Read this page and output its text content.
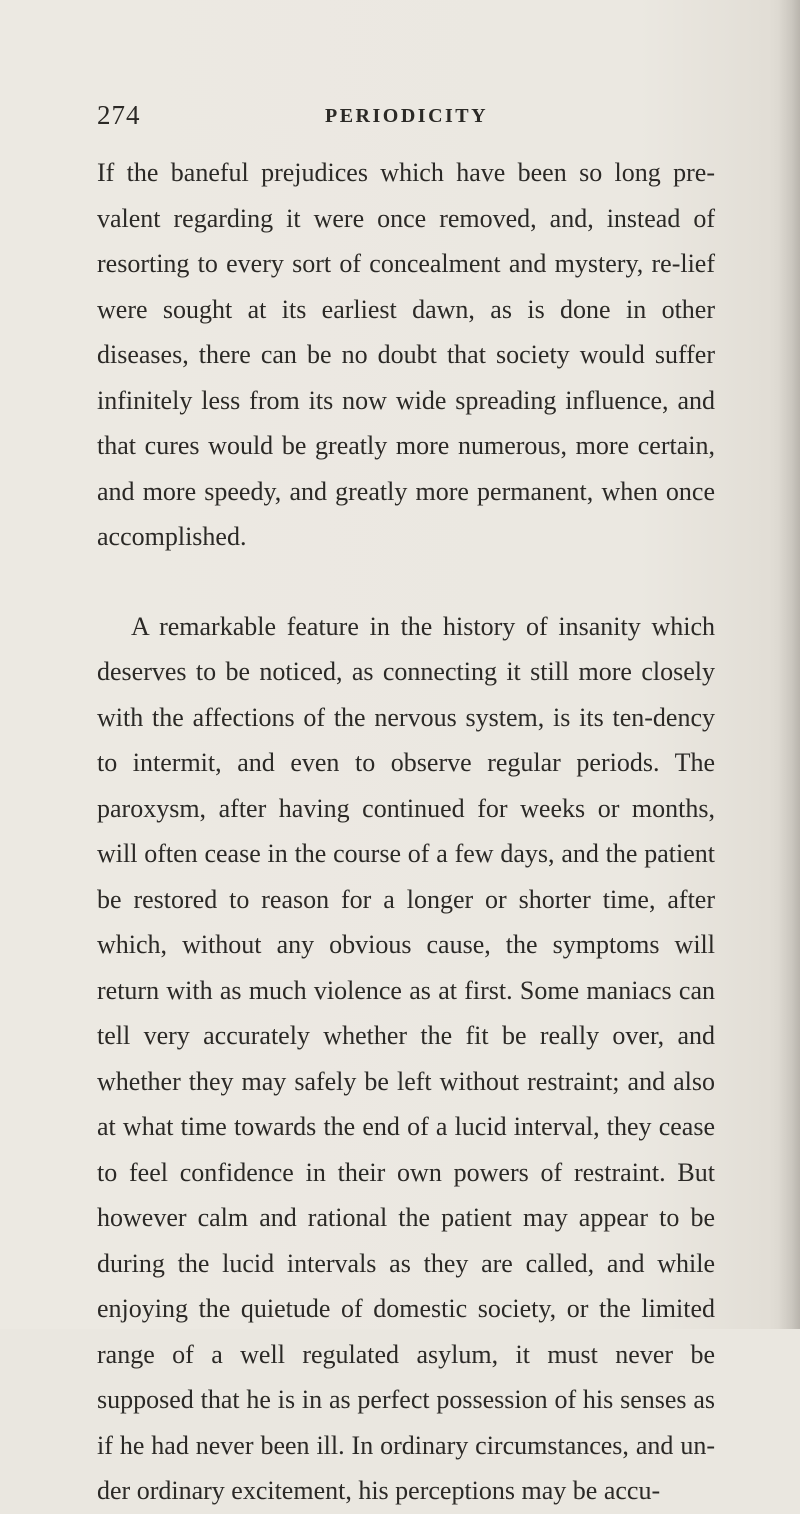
274	PERIODICITY

If the baneful prejudices which have been so long pre-valent regarding it were once removed, and, instead of resorting to every sort of concealment and mystery, re-lief were sought at its earliest dawn, as is done in other diseases, there can be no doubt that society would suffer infinitely less from its now wide spreading influence, and that cures would be greatly more numerous, more certain, and more speedy, and greatly more permanent, when once accomplished.

A remarkable feature in the history of insanity which deserves to be noticed, as connecting it still more closely with the affections of the nervous system, is its ten-dency to intermit, and even to observe regular periods. The paroxysm, after having continued for weeks or months, will often cease in the course of a few days, and the patient be restored to reason for a longer or shorter time, after which, without any obvious cause, the symptoms will return with as much violence as at first. Some maniacs can tell very accurately whether the fit be really over, and whether they may safely be left without restraint; and also at what time towards the end of a lucid interval, they cease to feel confidence in their own powers of restraint. But however calm and rational the patient may appear to be during the lucid intervals as they are called, and while enjoying the quietude of domestic society, or the limited range of a well regulated asylum, it must never be supposed that he is in as perfect possession of his senses as if he had never been ill. In ordinary circumstances, and un-der ordinary excitement, his perceptions may be accu-
